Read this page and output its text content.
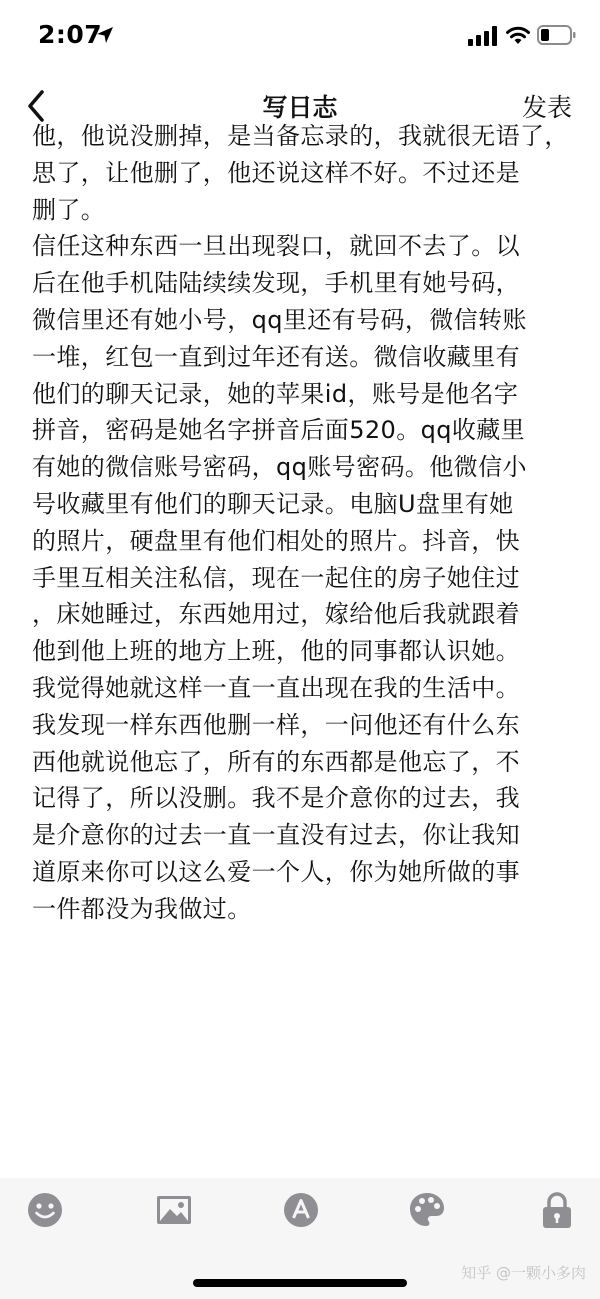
2:07
写日志	发表

他，他说没删掉，是当备忘录的，我就很无语了，

思了，让他删了，他还说这样不好。不过还是

删了。

信任这种东西一旦出现裂口，就回不去了。以

后在他手机陆陆续续发现，手机里有她号码，

微信里还有她小号，qq里还有号码，微信转账

一堆，红包一直到过年还有送。微信收藏里有

他们的聊天记录，她的苹果id，账号是他名字

拼音，密码是她名字拼音后面520。qq收藏里

有她的微信账号密码，qq账号密码。他微信小

号收藏里有他们的聊天记录。电脑U盘里有她

的照片，硬盘里有他们相处的照片。抖音，快

手里互相关注私信，现在一起住的房子她住过

，床她睡过，东西她用过，嫁给他后我就跟着

他到他上班的地方上班，他的同事都认识她。

我觉得她就这样一直一直出现在我的生活中。

我发现一样东西他删一样，一问他还有什么东

西他就说他忘了，所有的东西都是他忘了，不

记得了，所以没删。我不是介意你的过去，我

是介意你的过去一直一直没有过去，你让我知

道原来你可以这么爱一个人，你为她所做的事

一件都没为我做过。

知乎 @一颗小多肉
